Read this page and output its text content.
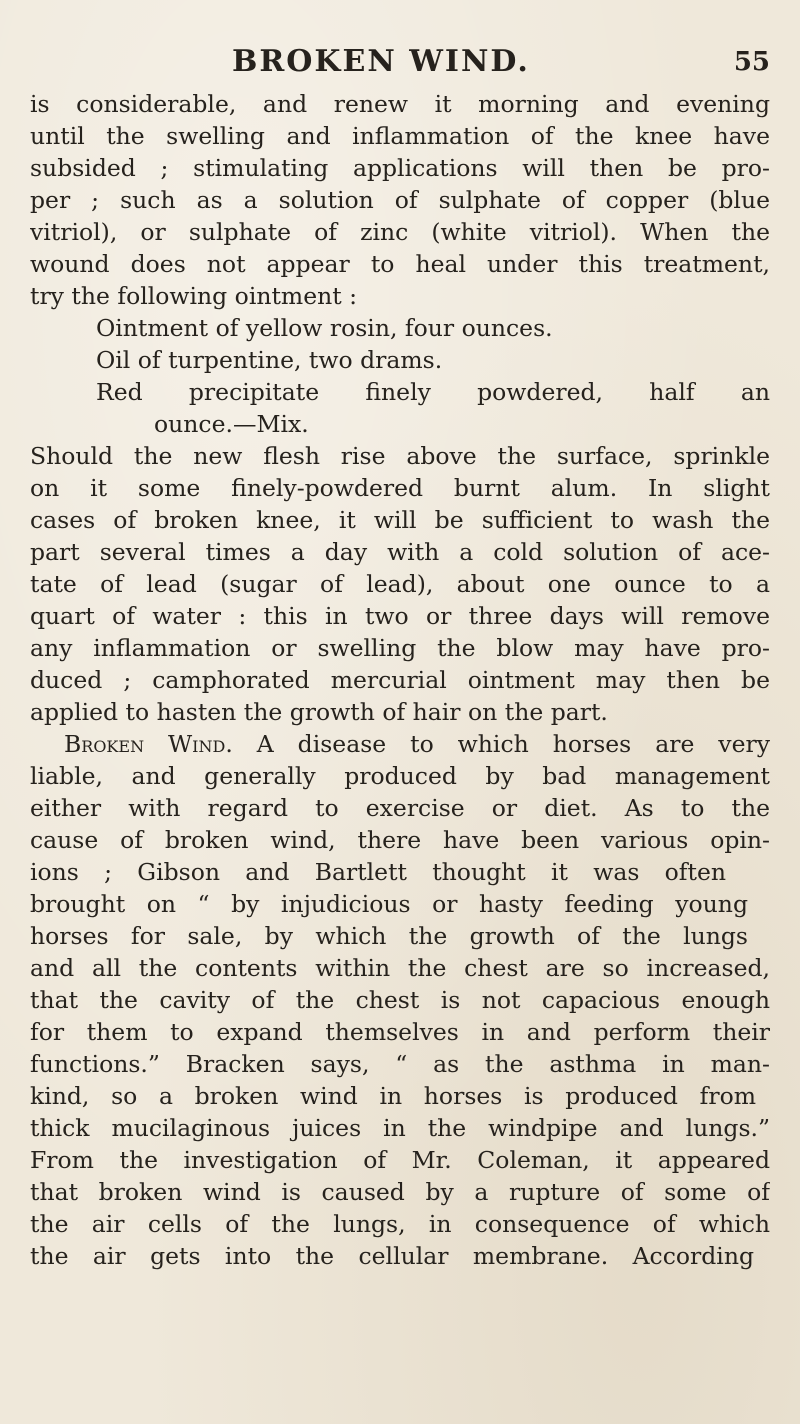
BROKEN WIND.	55
is considerable, and renew it morning and evening
until the swelling and inflammation of the knee have
subsided ; stimulating applications will then be pro-
per ; such as a solution of sulphate of copper (blue
vitriol), or sulphate of zinc (white vitriol). When the
wound does not appear to heal under this treatment,
try the following ointment :
Ointment of yellow rosin, four ounces.
Oil of turpentine, two drams.
Red precipitate finely powdered, half an
ounce.—Mix.
Should the new flesh rise above the surface, sprinkle
on it some finely-powdered burnt alum. In slight
cases of broken knee, it will be sufficient to wash the
part several times a day with a cold solution of ace-
tate of lead (sugar of lead), about one ounce to a
quart of water : this in two or three days will remove
any inflammation or swelling the blow may have pro-
duced ; camphorated mercurial ointment may then be
applied to hasten the growth of hair on the part.
Broken Wind. A disease to which horses are very
liable, and generally produced by bad management
either with regard to exercise or diet. As to the
cause of broken wind, there have been various opin-
ions ; Gibson and Bartlett thought it was often
brought on “ by injudicious or hasty feeding young
horses for sale, by which the growth of the lungs
and all the contents within the chest are so increased,
that the cavity of the chest is not capacious enough
for them to expand themselves in and perform their
functions.” Bracken says, “ as the asthma in man-
kind, so a broken wind in horses is produced from
thick mucilaginous juices in the windpipe and lungs.”
From the investigation of Mr. Coleman, it appeared
that broken wind is caused by a rupture of some of
the air cells of the lungs, in consequence of which
the air gets into the cellular membrane. According
